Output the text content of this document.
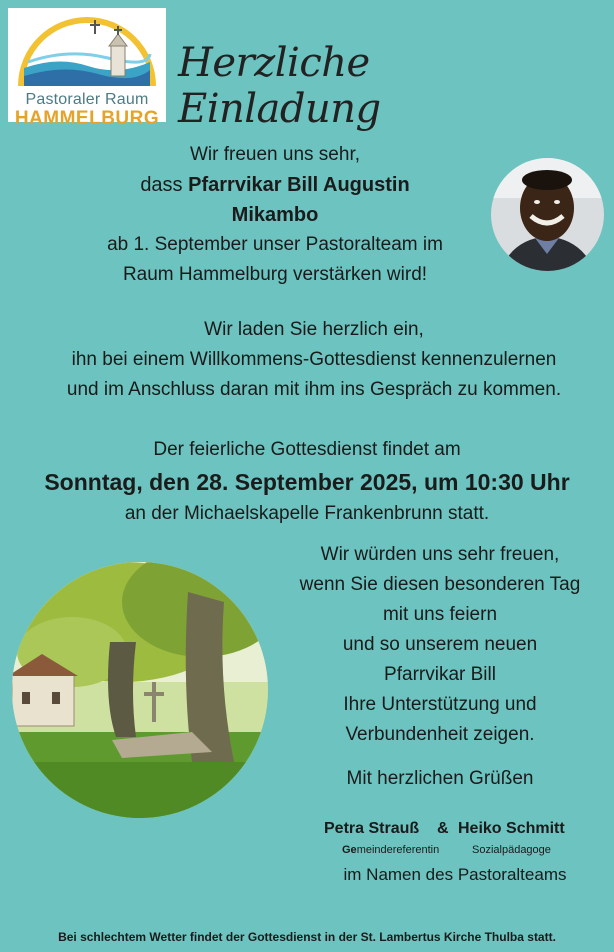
Pastoraler Raum
HAMMELBURG
Herzliche Einladung
Wir freuen uns sehr,
dass Pfarrvikar Bill Augustin
Mikambo
ab 1. September unser Pastoralteam im
Raum Hammelburg verstärken wird!
Wir laden Sie herzlich ein,
ihn bei einem Willkommens-Gottesdienst kennenzulernen
und im Anschluss daran mit ihm ins Gespräch zu kommen.
Der feierliche Gottesdienst findet am
Sonntag, den 28. September 2025, um 10:30 Uhr
an der Michaelskapelle Frankenbrunn statt.
Wir würden uns sehr freuen,
wenn Sie diesen besonderen Tag
mit uns feiern
und so unserem neuen
Pfarrvikar Bill
Ihre Unterstützung und
Verbundenheit zeigen.
Mit herzlichen Grüßen
Petra Strauß & Heiko Schmitt
Gemeindereferentin	Sozialpädagoge
im Namen des Pastoralteams
Bei schlechtem Wetter findet der Gottesdienst in der St. Lambertus Kirche Thulba statt.
